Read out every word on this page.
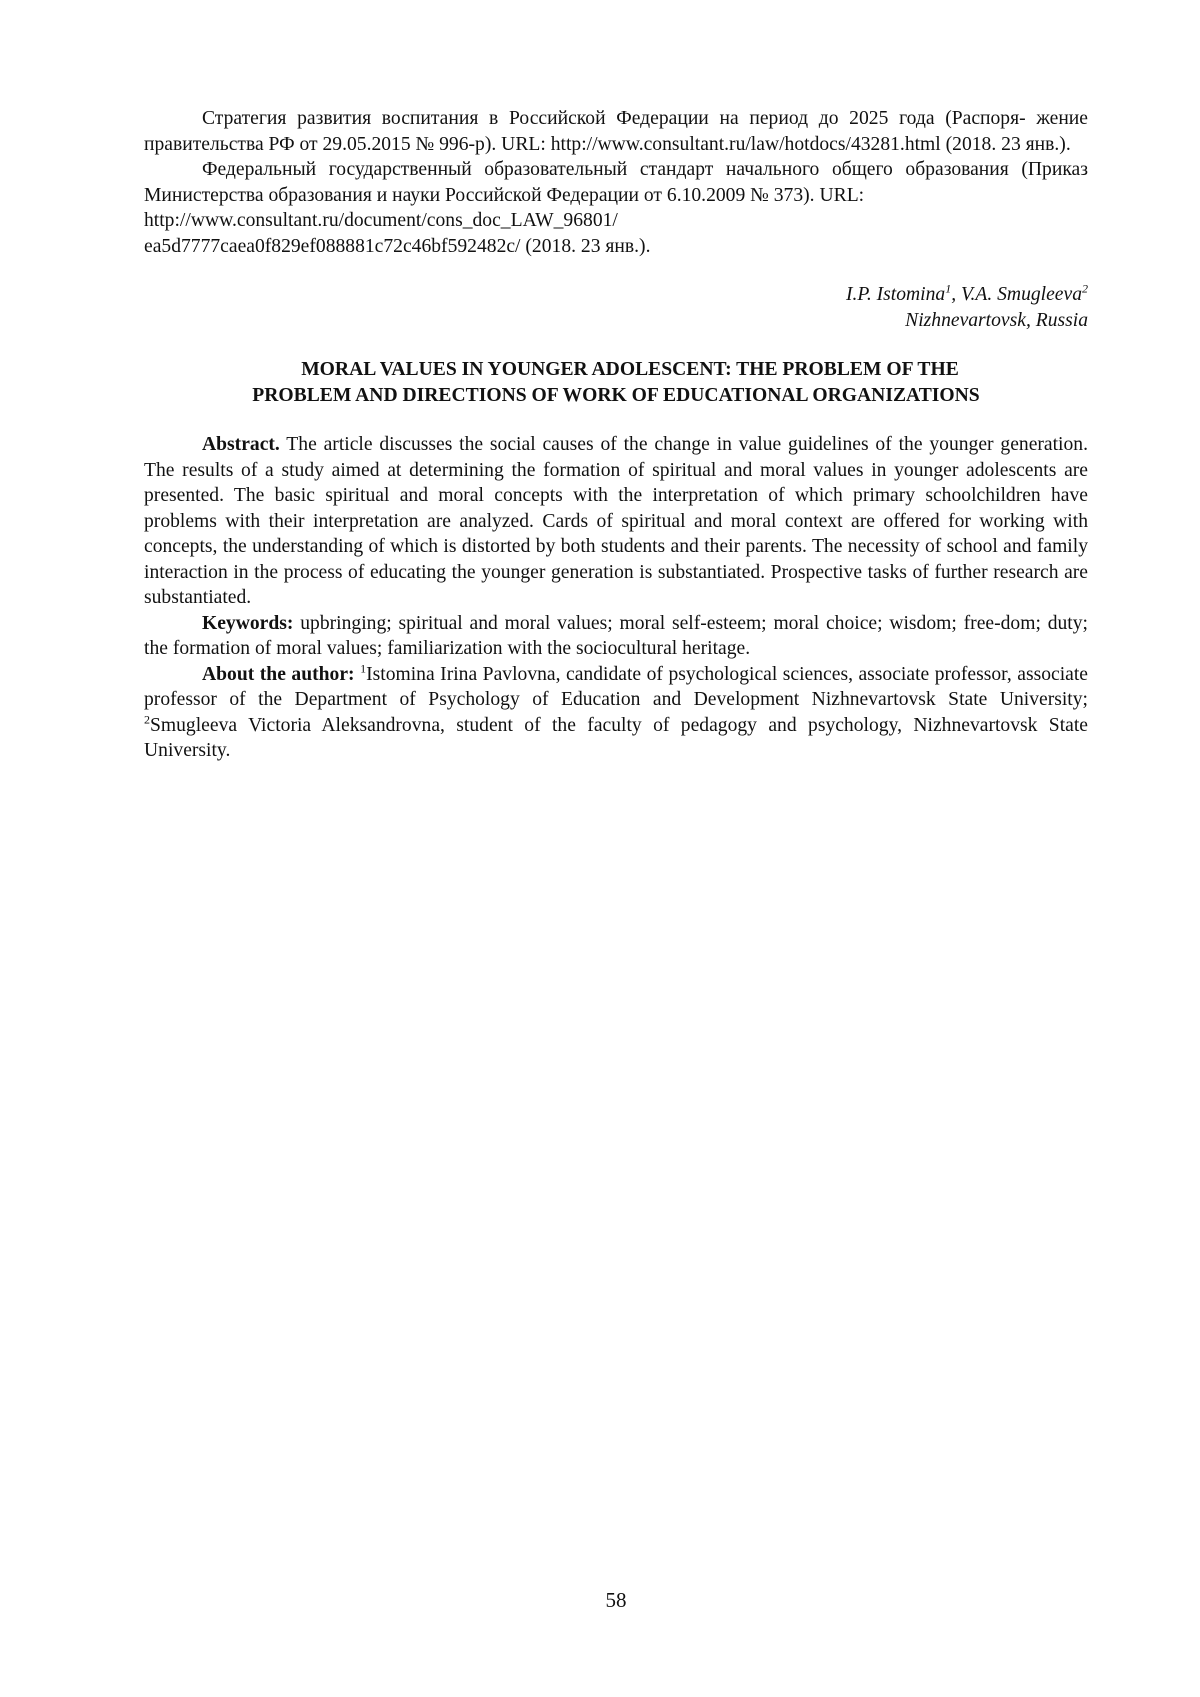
Стратегия развития воспитания в Российской Федерации на период до 2025 года (Распоря- жение правительства РФ от 29.05.2015 № 996-р). URL: http://www.consultant.ru/law/hotdocs/43281.html (2018. 23 янв.).

Федеральный государственный образовательный стандарт начального общего образования (Приказ Министерства образования и науки Российской Федерации от 6.10.2009 № 373). URL:
http://www.consultant.ru/document/cons_doc_LAW_96801/
ea5d7777caea0f829ef088881c72c46bf592482c/ (2018. 23 янв.).

I.P. Istomina$^1$, V.A. Smugleeva$^2$
Nizhnevartovsk, Russia
MORAL VALUES IN YOUNGER ADOLESCENT: THE PROBLEM OF THE
PROBLEM AND DIRECTIONS OF WORK OF EDUCATIONAL ORGANIZATIONS

Abstract. The article discusses the social causes of the change in value guidelines of the younger generation. The results of a study aimed at determining the formation of spiritual and moral values in younger adolescents are presented. The basic spiritual and moral concepts with the interpretation of which primary schoolchildren have problems with their interpretation are analyzed. Cards of spiritual and moral context are offered for working with concepts, the understanding of which is distorted by both students and their parents. The necessity of school and family interaction in the process of educating the younger generation is substantiated. Prospective tasks of further research are substantiated.

Keywords: upbringing; spiritual and moral values; moral self-esteem; moral choice; wisdom; free-dom; duty; the formation of moral values; familiarization with the sociocultural heritage.

About the author: $^1$Istomina Irina Pavlovna, candidate of psychological sciences, associate professor, associate professor of the Department of Psychology of Education and Development Nizhnevartovsk State University; $^2$Smugleeva Victoria Aleksandrovna, student of the faculty of pedagogy and psychology, Nizhnevartovsk State University.

58
